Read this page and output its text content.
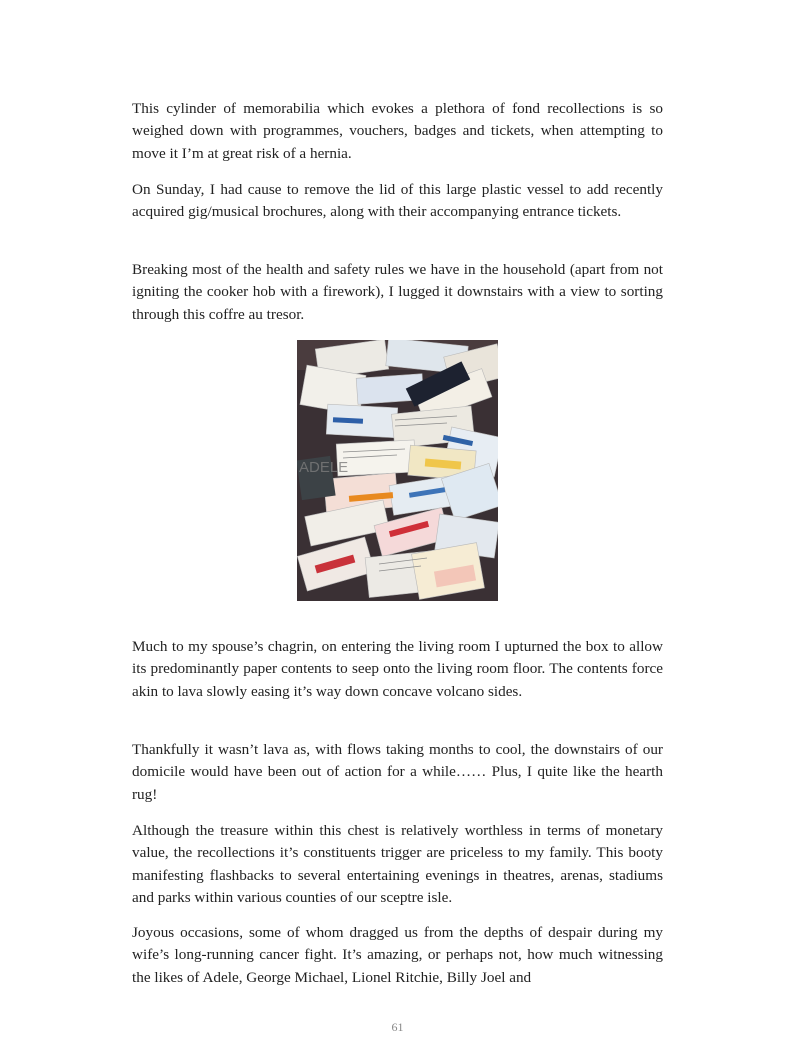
This cylinder of memorabilia which evokes a plethora of fond recollections is so weighed down with programmes, vouchers, badges and tickets, when attempting to move it I’m at great risk of a hernia.

On Sunday, I had cause to remove the lid of this large plastic vessel to add recently acquired gig/musical brochures, along with their accompanying entrance tickets.

Breaking most of the health and safety rules we have in the household (apart from not igniting the cooker hob with a firework), I lugged it downstairs with a view to sorting through this coffre au tresor.

ADELE

Much to my spouse’s chagrin, on entering the living room I upturned the box to allow its predominantly paper contents to seep onto the living room floor. The contents force akin to lava slowly easing it’s way down concave volcano sides.

Thankfully it wasn’t lava as, with flows taking months to cool, the downstairs of our domicile would have been out of action for a while…… Plus, I quite like the hearth rug!

Although the treasure within this chest is relatively worthless in terms of monetary value, the recollections it’s constituents trigger are priceless to my family. This booty manifesting flashbacks to several entertaining evenings in theatres, arenas, stadiums and parks within various counties of our sceptre isle.

Joyous occasions, some of whom dragged us from the depths of despair during my wife’s long-running cancer fight. It’s amazing, or perhaps not, how much witnessing the likes of Adele, George Michael, Lionel Ritchie, Billy Joel and

61
